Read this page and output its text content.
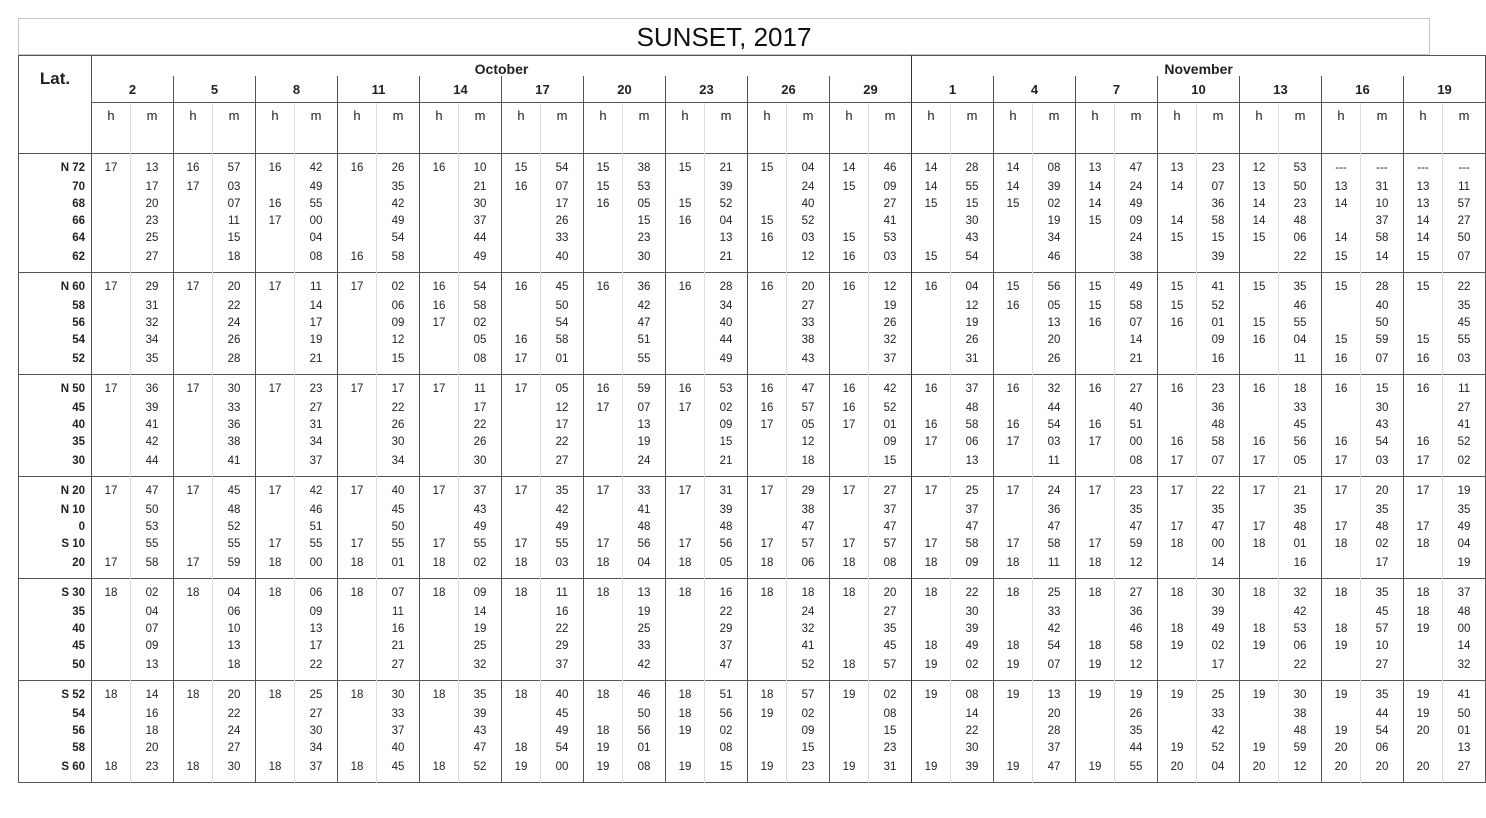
SUNSET, 2017
Lat.	October																				November													
	2		5		8		11		14		17		20		23		26		29		1		4		7		10		13		16		19	
	h	m	h	m	h	m	h	m	h	m	h	m	h	m	h	m	h	m	h	m	h	m	h	m	h	m	h	m	h	m	h	m	h	m
N 72	17	13	16	57	16	42	16	26	16	10	15	54	15	38	15	21	15	04	14	46	14	28	14	08	13	47	13	23	12	53	---	---	---	---
70		17	17	03		49		35		21	16	07	15	53		39		24	15	09	14	55	14	39	14	24	14	07	13	50	13	31	13	11
68		20		07	16	55		42		30		17	16	05	15	52		40		27	15	15	15	02	14	49		36	14	23	14	10	13	57
66		23		11	17	00		49		37		26		15	16	04	15	52		41		30		19	15	09	14	58	14	48		37	14	27
64		25		15		04		54		44		33		23		13	16	03	15	53		43		34		24	15	15	15	06	14	58	14	50
62		27		18		08	16	58		49		40		30		21		12	16	03	15	54		46		38		39		22	15	14	15	07
N 60	17	29	17	20	17	11	17	02	16	54	16	45	16	36	16	28	16	20	16	12	16	04	15	56	15	49	15	41	15	35	15	28	15	22
58		31		22		14		06	16	58		50		42		34		27		19		12	16	05	15	58	15	52		46		40		35
56		32		24		17		09	17	02		54		47		40		33		26		19		13	16	07	16	01	15	55		50		45
54		34		26		19		12		05	16	58		51		44		38		32		26		20		14		09	16	04	15	59	15	55
52		35		28		21		15		08	17	01		55		49		43		37		31		26		21		16		11	16	07	16	03
N 50	17	36	17	30	17	23	17	17	17	11	17	05	16	59	16	53	16	47	16	42	16	37	16	32	16	27	16	23	16	18	16	15	16	11
45		39		33		27		22		17		12	17	07	17	02	16	57	16	52		48		44		40		36		33		30		27
40		41		36		31		26		22		17		13		09	17	05	17	01	16	58	16	54	16	51		48		45		43		41
35		42		38		34		30		26		22		19		15		12		09	17	06	17	03	17	00	16	58	16	56	16	54	16	52
30		44		41		37		34		30		27		24		21		18		15		13		11		08	17	07	17	05	17	03	17	02
N 20	17	47	17	45	17	42	17	40	17	37	17	35	17	33	17	31	17	29	17	27	17	25	17	24	17	23	17	22	17	21	17	20	17	19
N 10		50		48		46		45		43		42		41		39		38		37		37		36		35		35		35		35		35
0		53		52		51		50		49		49		48		48		47		47		47		47		47	17	47	17	48	17	48	17	49
S 10		55		55	17	55	17	55	17	55	17	55	17	56	17	56	17	57	17	57	17	58	17	58	17	59	18	00	18	01	18	02	18	04
20	17	58	17	59	18	00	18	01	18	02	18	03	18	04	18	05	18	06	18	08	18	09	18	11	18	12		14		16		17		19
S 30	18	02	18	04	18	06	18	07	18	09	18	11	18	13	18	16	18	18	18	20	18	22	18	25	18	27	18	30	18	32	18	35	18	37
35		04		06		09		11		14		16		19		22		24		27		30		33		36		39		42		45	18	48
40		07		10		13		16		19		22		25		29		32		35		39		42		46	18	49	18	53	18	57	19	00
45		09		13		17		21		25		29		33		37		41		45	18	49	18	54	18	58	19	02	19	06	19	10		14
50		13		18		22		27		32		37		42		47		52	18	57	19	02	19	07	19	12		17		22		27		32
S 52	18	14	18	20	18	25	18	30	18	35	18	40	18	46	18	51	18	57	19	02	19	08	19	13	19	19	19	25	19	30	19	35	19	41
54		16		22		27		33		39		45		50	18	56	19	02		08		14		20		26		33		38		44	19	50
56		18		24		30		37		43		49	18	56	19	02		09		15		22		28		35		42		48	19	54	20	01
58		20		27		34		40		47	18	54	19	01		08		15		23		30		37		44	19	52	19	59	20	06		13
S 60	18	23	18	30	18	37	18	45	18	52	19	00	19	08	19	15	19	23	19	31	19	39	19	47	19	55	20	04	20	12	20	20	20	27
